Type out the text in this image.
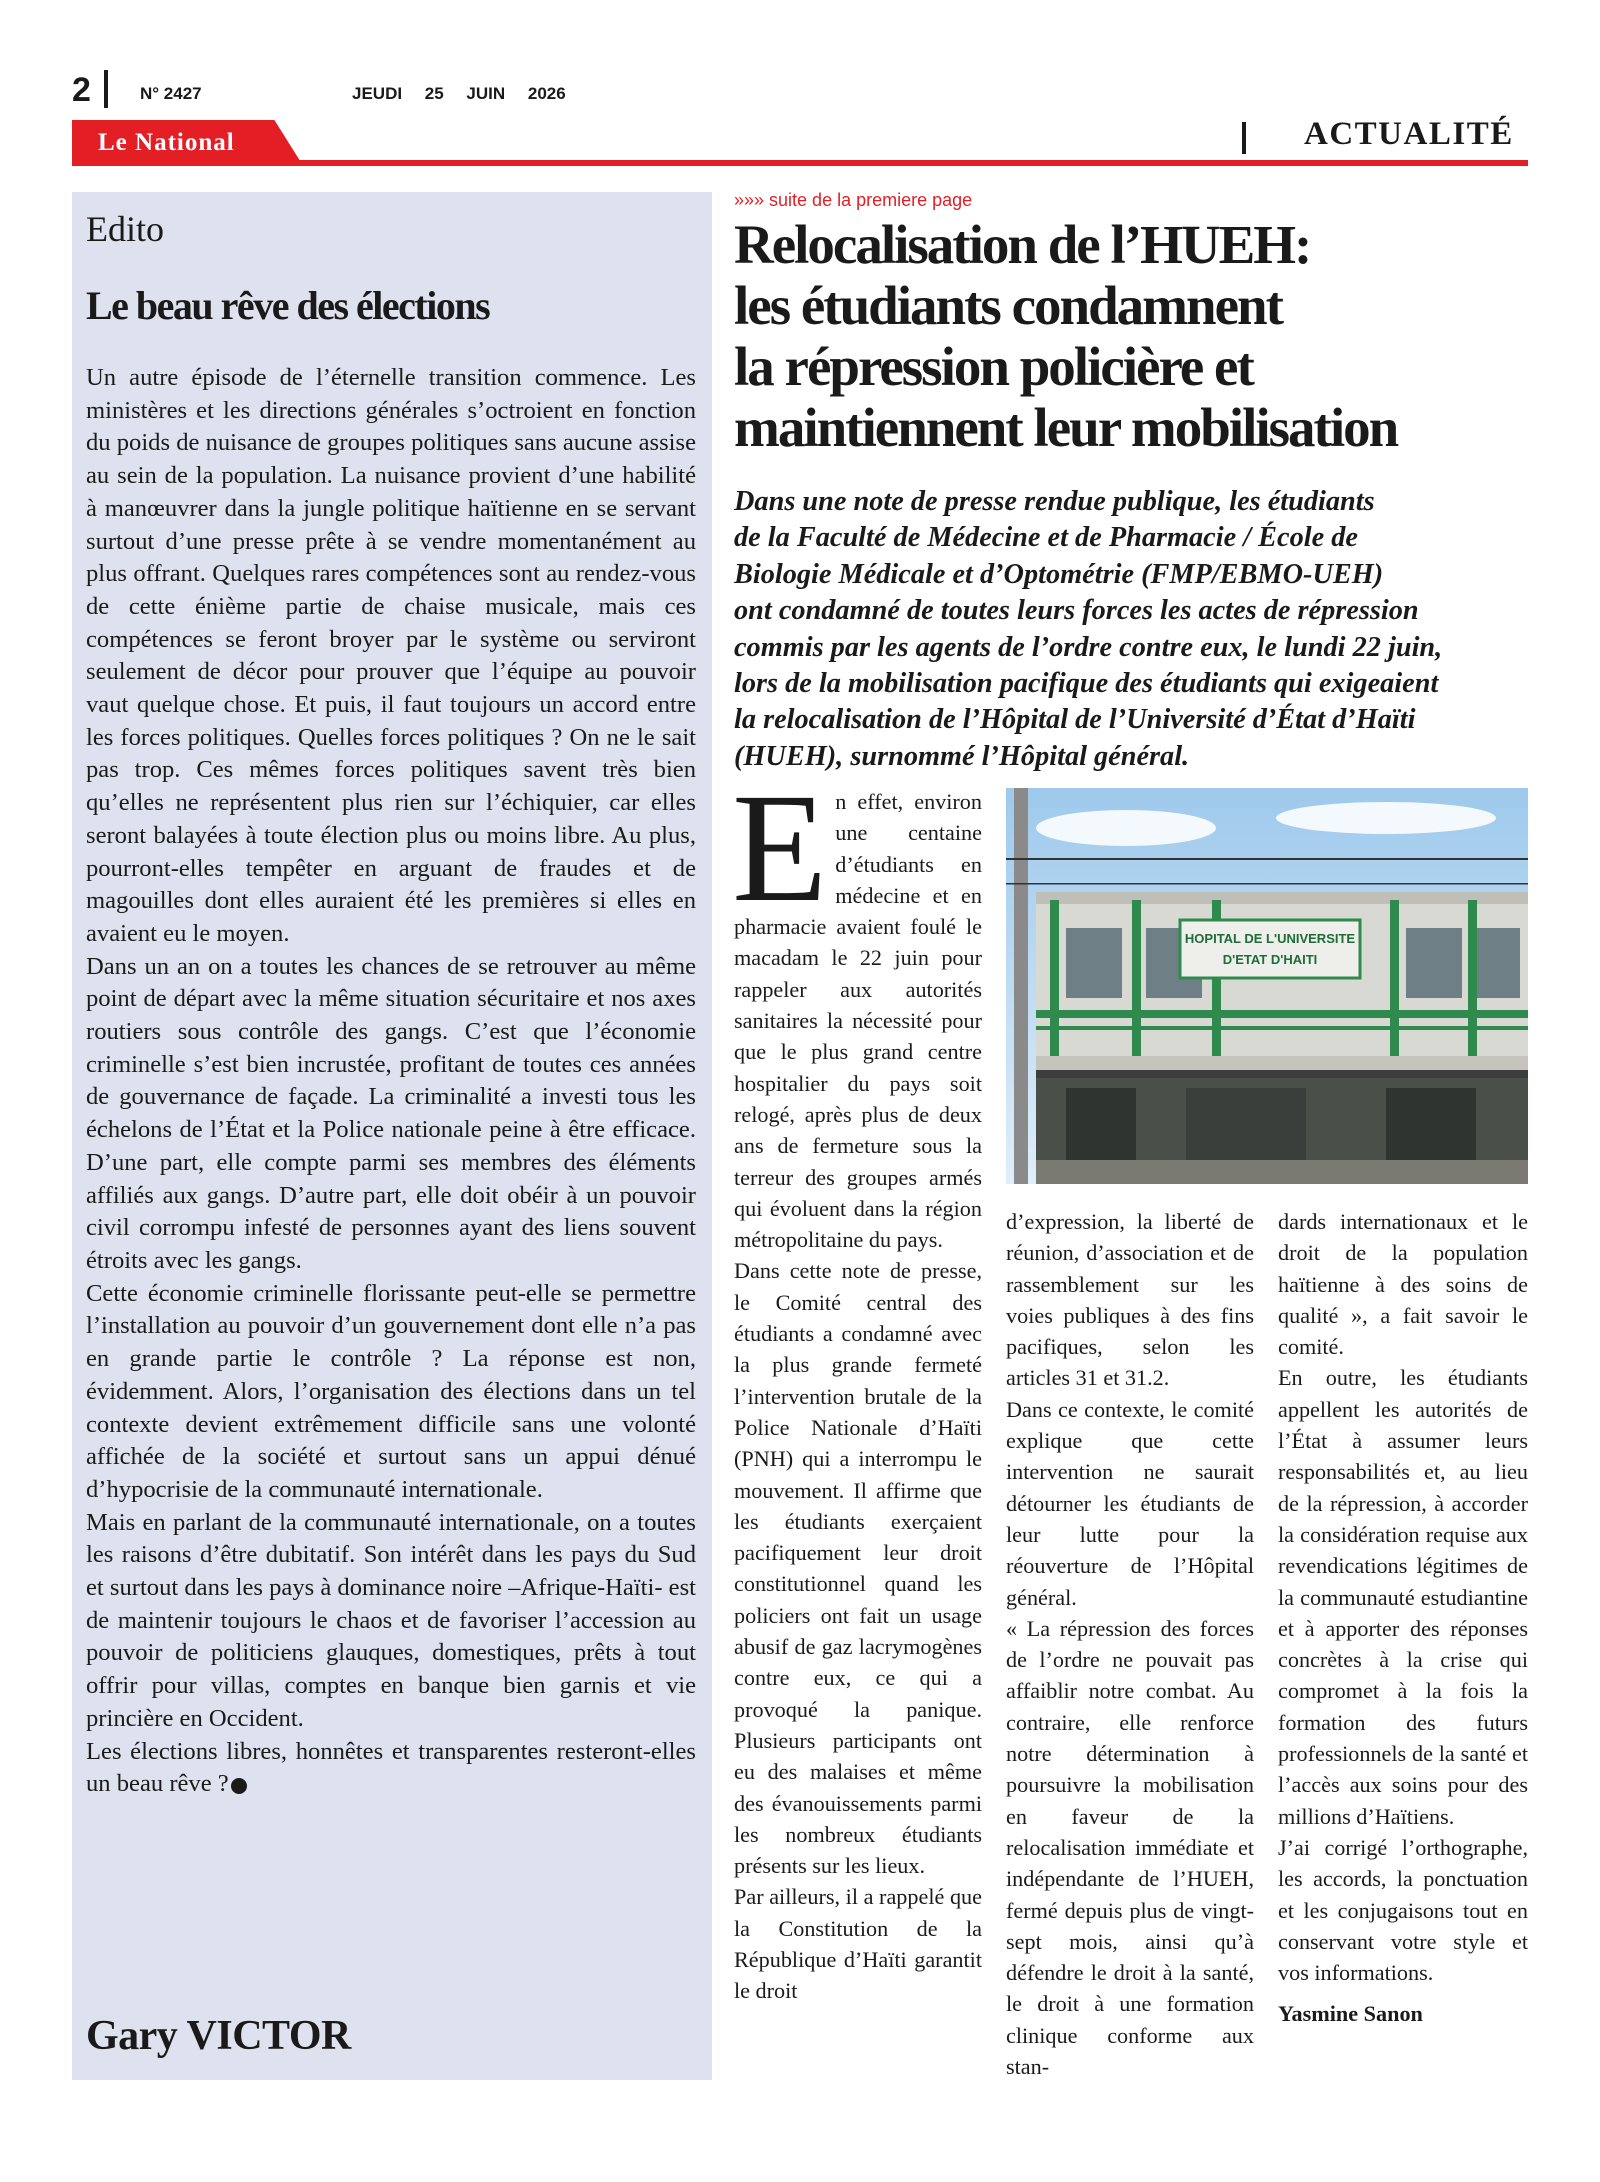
2	N° 2427	JEUDI 25 JUIN 2026
Le National	ACTUALITÉ
Edito
Le beau rêve des élections

Un autre épisode de l’éternelle transition commence. Les ministères et les directions générales s’octroient en fonction du poids de nuisance de groupes politiques sans aucune assise au sein de la population. La nuisance provient d’une habilité à manœuvrer dans la jungle politique haïtienne en se servant surtout d’une presse prête à se vendre momentanément au plus offrant. Quelques rares compétences sont au rendez-vous de cette énième partie de chaise musicale, mais ces compétences se feront broyer par le système ou serviront seulement de décor pour prouver que l’équipe au pouvoir vaut quelque chose. Et puis, il faut toujours un accord entre les forces politiques. Quelles forces politiques ? On ne le sait pas trop. Ces mêmes forces politiques savent très bien qu’elles ne représentent plus rien sur l’échiquier, car elles seront balayées à toute élection plus ou moins libre. Au plus, pourront-elles tempêter en arguant de fraudes et de magouilles dont elles auraient été les premières si elles en avaient eu le moyen.

Dans un an on a toutes les chances de se retrouver au même point de départ avec la même situation sécuritaire et nos axes routiers sous contrôle des gangs. C’est que l’économie criminelle s’est bien incrustée, profitant de toutes ces années de gouvernance de façade. La criminalité a investi tous les échelons de l’État et la Police nationale peine à être efficace. D’une part, elle compte parmi ses membres des éléments affiliés aux gangs. D’autre part, elle doit obéir à un pouvoir civil corrompu infesté de personnes ayant des liens souvent étroits avec les gangs.

Cette économie criminelle florissante peut-elle se permettre l’installation au pouvoir d’un gouvernement dont elle n’a pas en grande partie le contrôle ? La réponse est non, évidemment. Alors, l’organisation des élections dans un tel contexte devient extrêmement difficile sans une volonté affichée de la société et surtout sans un appui dénué d’hypocrisie de la communauté internationale.

Mais en parlant de la communauté internationale, on a toutes les raisons d’être dubitatif. Son intérêt dans les pays du Sud et surtout dans les pays à dominance noire –Afrique-Haïti- est de maintenir toujours le chaos et de favoriser l’accession au pouvoir de politiciens glauques, domestiques, prêts à tout offrir pour villas, comptes en banque bien garnis et vie princière en Occident.

Les élections libres, honnêtes et transparentes resteront-elles un beau rêve ?

Gary VICTOR
»»» suite de la premiere page
Relocalisation de l’HUEH:
les étudiants condamnent
la répression policière et
maintiennent leur mobilisation
Dans une note de presse rendue publique, les étudiants
de la Faculté de Médecine et de Pharmacie / École de
Biologie Médicale et d’Optométrie (FMP/EBMO-UEH)
ont condamné de toutes leurs forces les actes de répression
commis par les agents de l’ordre contre eux, le lundi 22 juin,
lors de la mobilisation pacifique des étudiants qui exigeaient
la relocalisation de l’Hôpital de l’Université d’État d’Haïti
(HUEH), surnommé l’Hôpital général.

En effet, environ une centaine d’étudiants en médecine et en pharmacie avaient foulé le macadam le 22 juin pour rappeler aux autorités sanitaires la nécessité pour que le plus grand centre hospitalier du pays soit relogé, après plus de deux ans de fermeture sous la terreur des groupes armés qui évoluent dans la région métropolitaine du pays.

Dans cette note de presse, le Comité central des étudiants a condamné avec la plus grande fermeté l’intervention brutale de la Police Nationale d’Haïti (PNH) qui a interrompu le mouvement. Il affirme que les étudiants exerçaient pacifiquement leur droit constitutionnel quand les policiers ont fait un usage abusif de gaz lacrymogènes contre eux, ce qui a provoqué la panique. Plusieurs participants ont eu des malaises et même des évanouissements parmi les nombreux étudiants présents sur les lieux.

Par ailleurs, il a rappelé que la Constitution de la République d’Haïti garantit le droit

HOPITAL DE L'UNIVERSITE
D'ETAT D'HAITI

d’expression, la liberté de réunion, d’association et de rassemblement sur les voies publiques à des fins pacifiques, selon les articles 31 et 31.2.

Dans ce contexte, le comité explique que cette intervention ne saurait détourner les étudiants de leur lutte pour la réouverture de l’Hôpital général.

« La répression des forces de l’ordre ne pouvait pas affaiblir notre combat. Au contraire, elle renforce notre détermination à poursuivre la mobilisation en faveur de la relocalisation immédiate et indépendante de l’HUEH, fermé depuis plus de vingt-sept mois, ainsi qu’à défendre le droit à la santé, le droit à une formation clinique conforme aux stan-

dards internationaux et le droit de la population haïtienne à des soins de qualité », a fait savoir le comité.

En outre, les étudiants appellent les autorités de l’État à assumer leurs responsabilités et, au lieu de la répression, à accorder la considération requise aux revendications légitimes de la communauté estudiantine et à apporter des réponses concrètes à la crise qui compromet à la fois la formation des futurs professionnels de la santé et l’accès aux soins pour des millions d’Haïtiens.

J’ai corrigé l’orthographe, les accords, la ponctuation et les conjugaisons tout en conservant votre style et vos informations.

Yasmine Sanon
